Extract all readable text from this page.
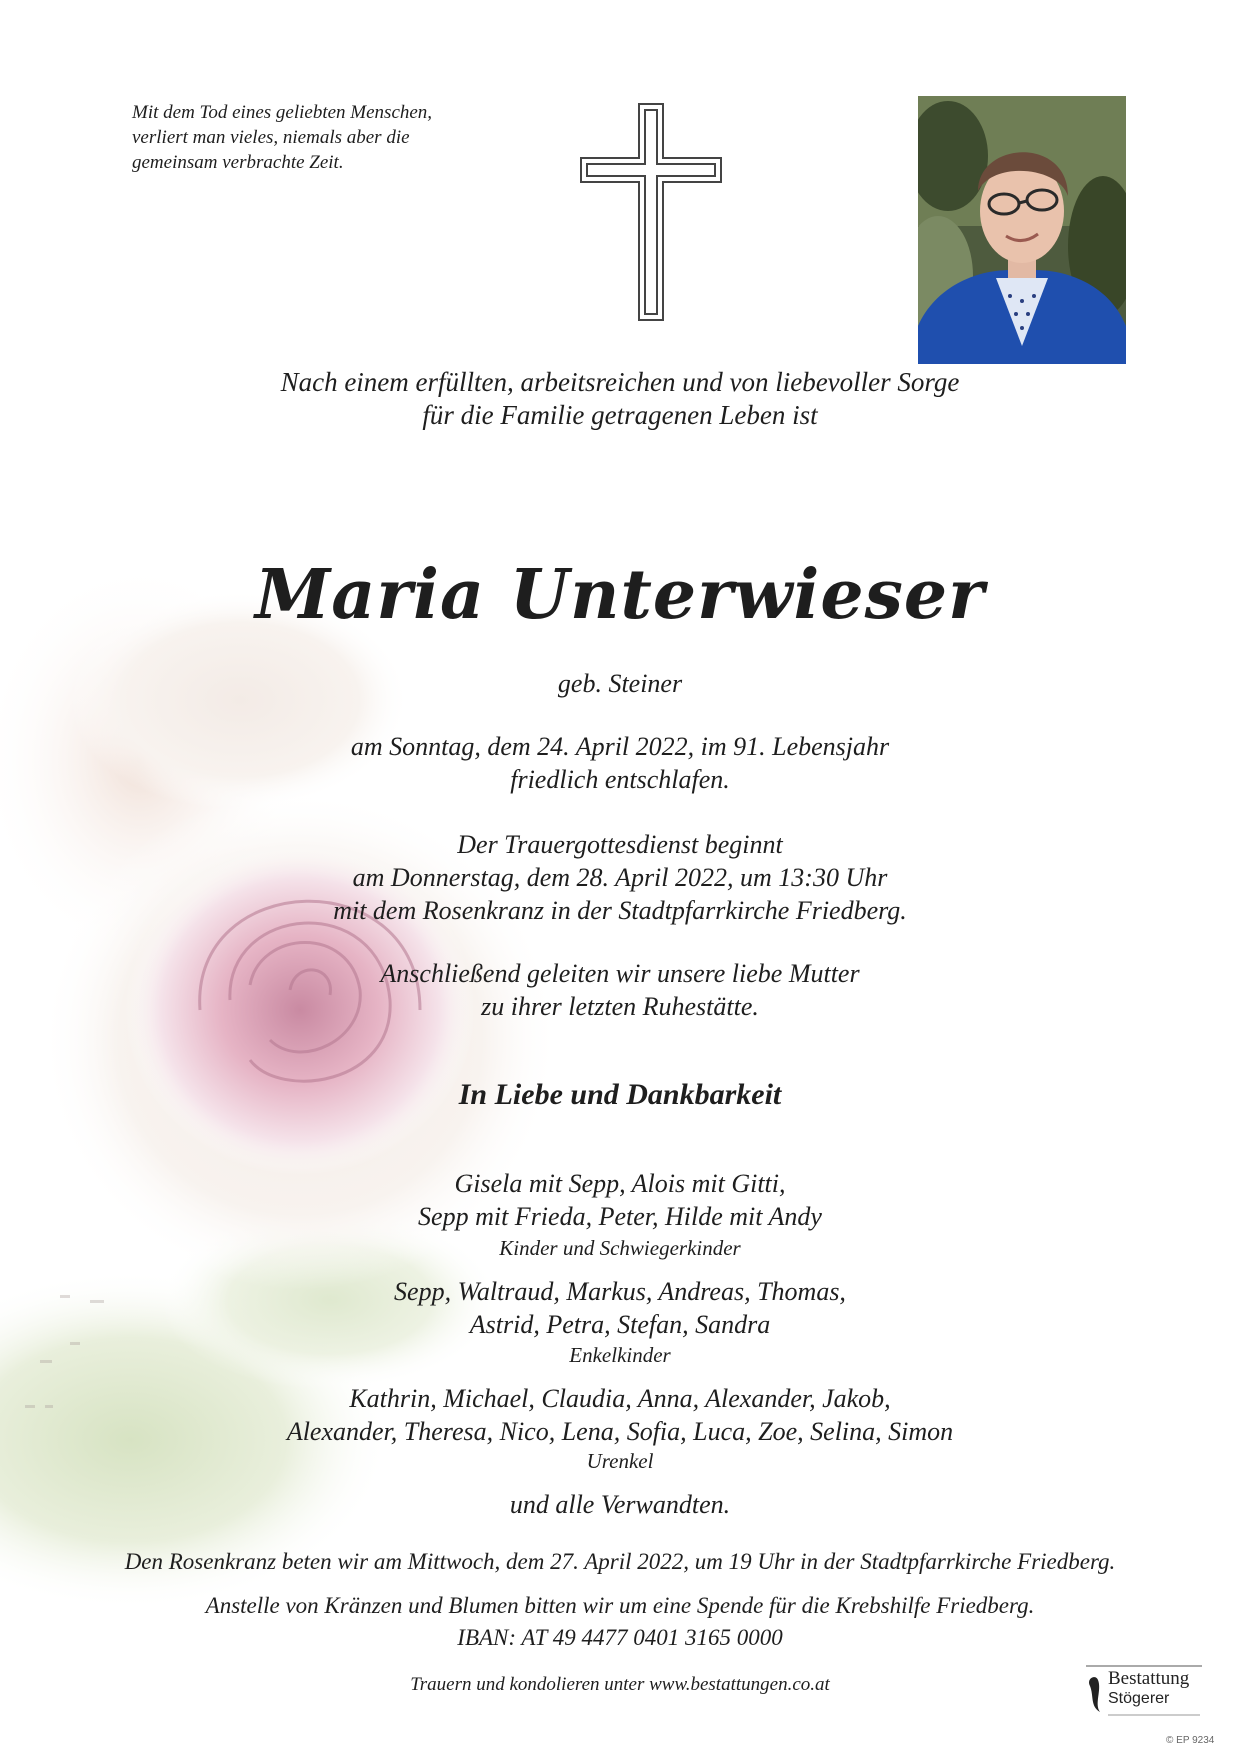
Mit dem Tod eines geliebten Menschen,
verliert man vieles, niemals aber die
gemeinsam verbrachte Zeit.
Nach einem erfüllten, arbeitsreichen und von liebevoller Sorge
für die Familie getragenen Leben ist
Maria Unterwieser
geb. Steiner
am Sonntag, dem 24. April 2022, im 91. Lebensjahr
friedlich entschlafen.
Der Trauergottesdienst beginnt
am Donnerstag, dem 28. April 2022, um 13:30 Uhr
mit dem Rosenkranz in der Stadtpfarrkirche Friedberg.
Anschließend geleiten wir unsere liebe Mutter
zu ihrer letzten Ruhestätte.
In Liebe und Dankbarkeit
Gisela mit Sepp, Alois mit Gitti,
Sepp mit Frieda, Peter, Hilde mit Andy
Kinder und Schwiegerkinder
Sepp, Waltraud, Markus, Andreas, Thomas,
Astrid, Petra, Stefan, Sandra
Enkelkinder
Kathrin, Michael, Claudia, Anna, Alexander, Jakob,
Alexander, Theresa, Nico, Lena, Sofia, Luca, Zoe, Selina, Simon
Urenkel
und alle Verwandten.
Den Rosenkranz beten wir am Mittwoch, dem 27. April 2022, um 19 Uhr in der Stadtpfarrkirche Friedberg.
Anstelle von Kränzen und Blumen bitten wir um eine Spende für die Krebshilfe Friedberg.
IBAN: AT 49 4477 0401 3165 0000
Trauern und kondolieren unter www.bestattungen.co.at	Bestattung
Stögerer
© EP 9234
